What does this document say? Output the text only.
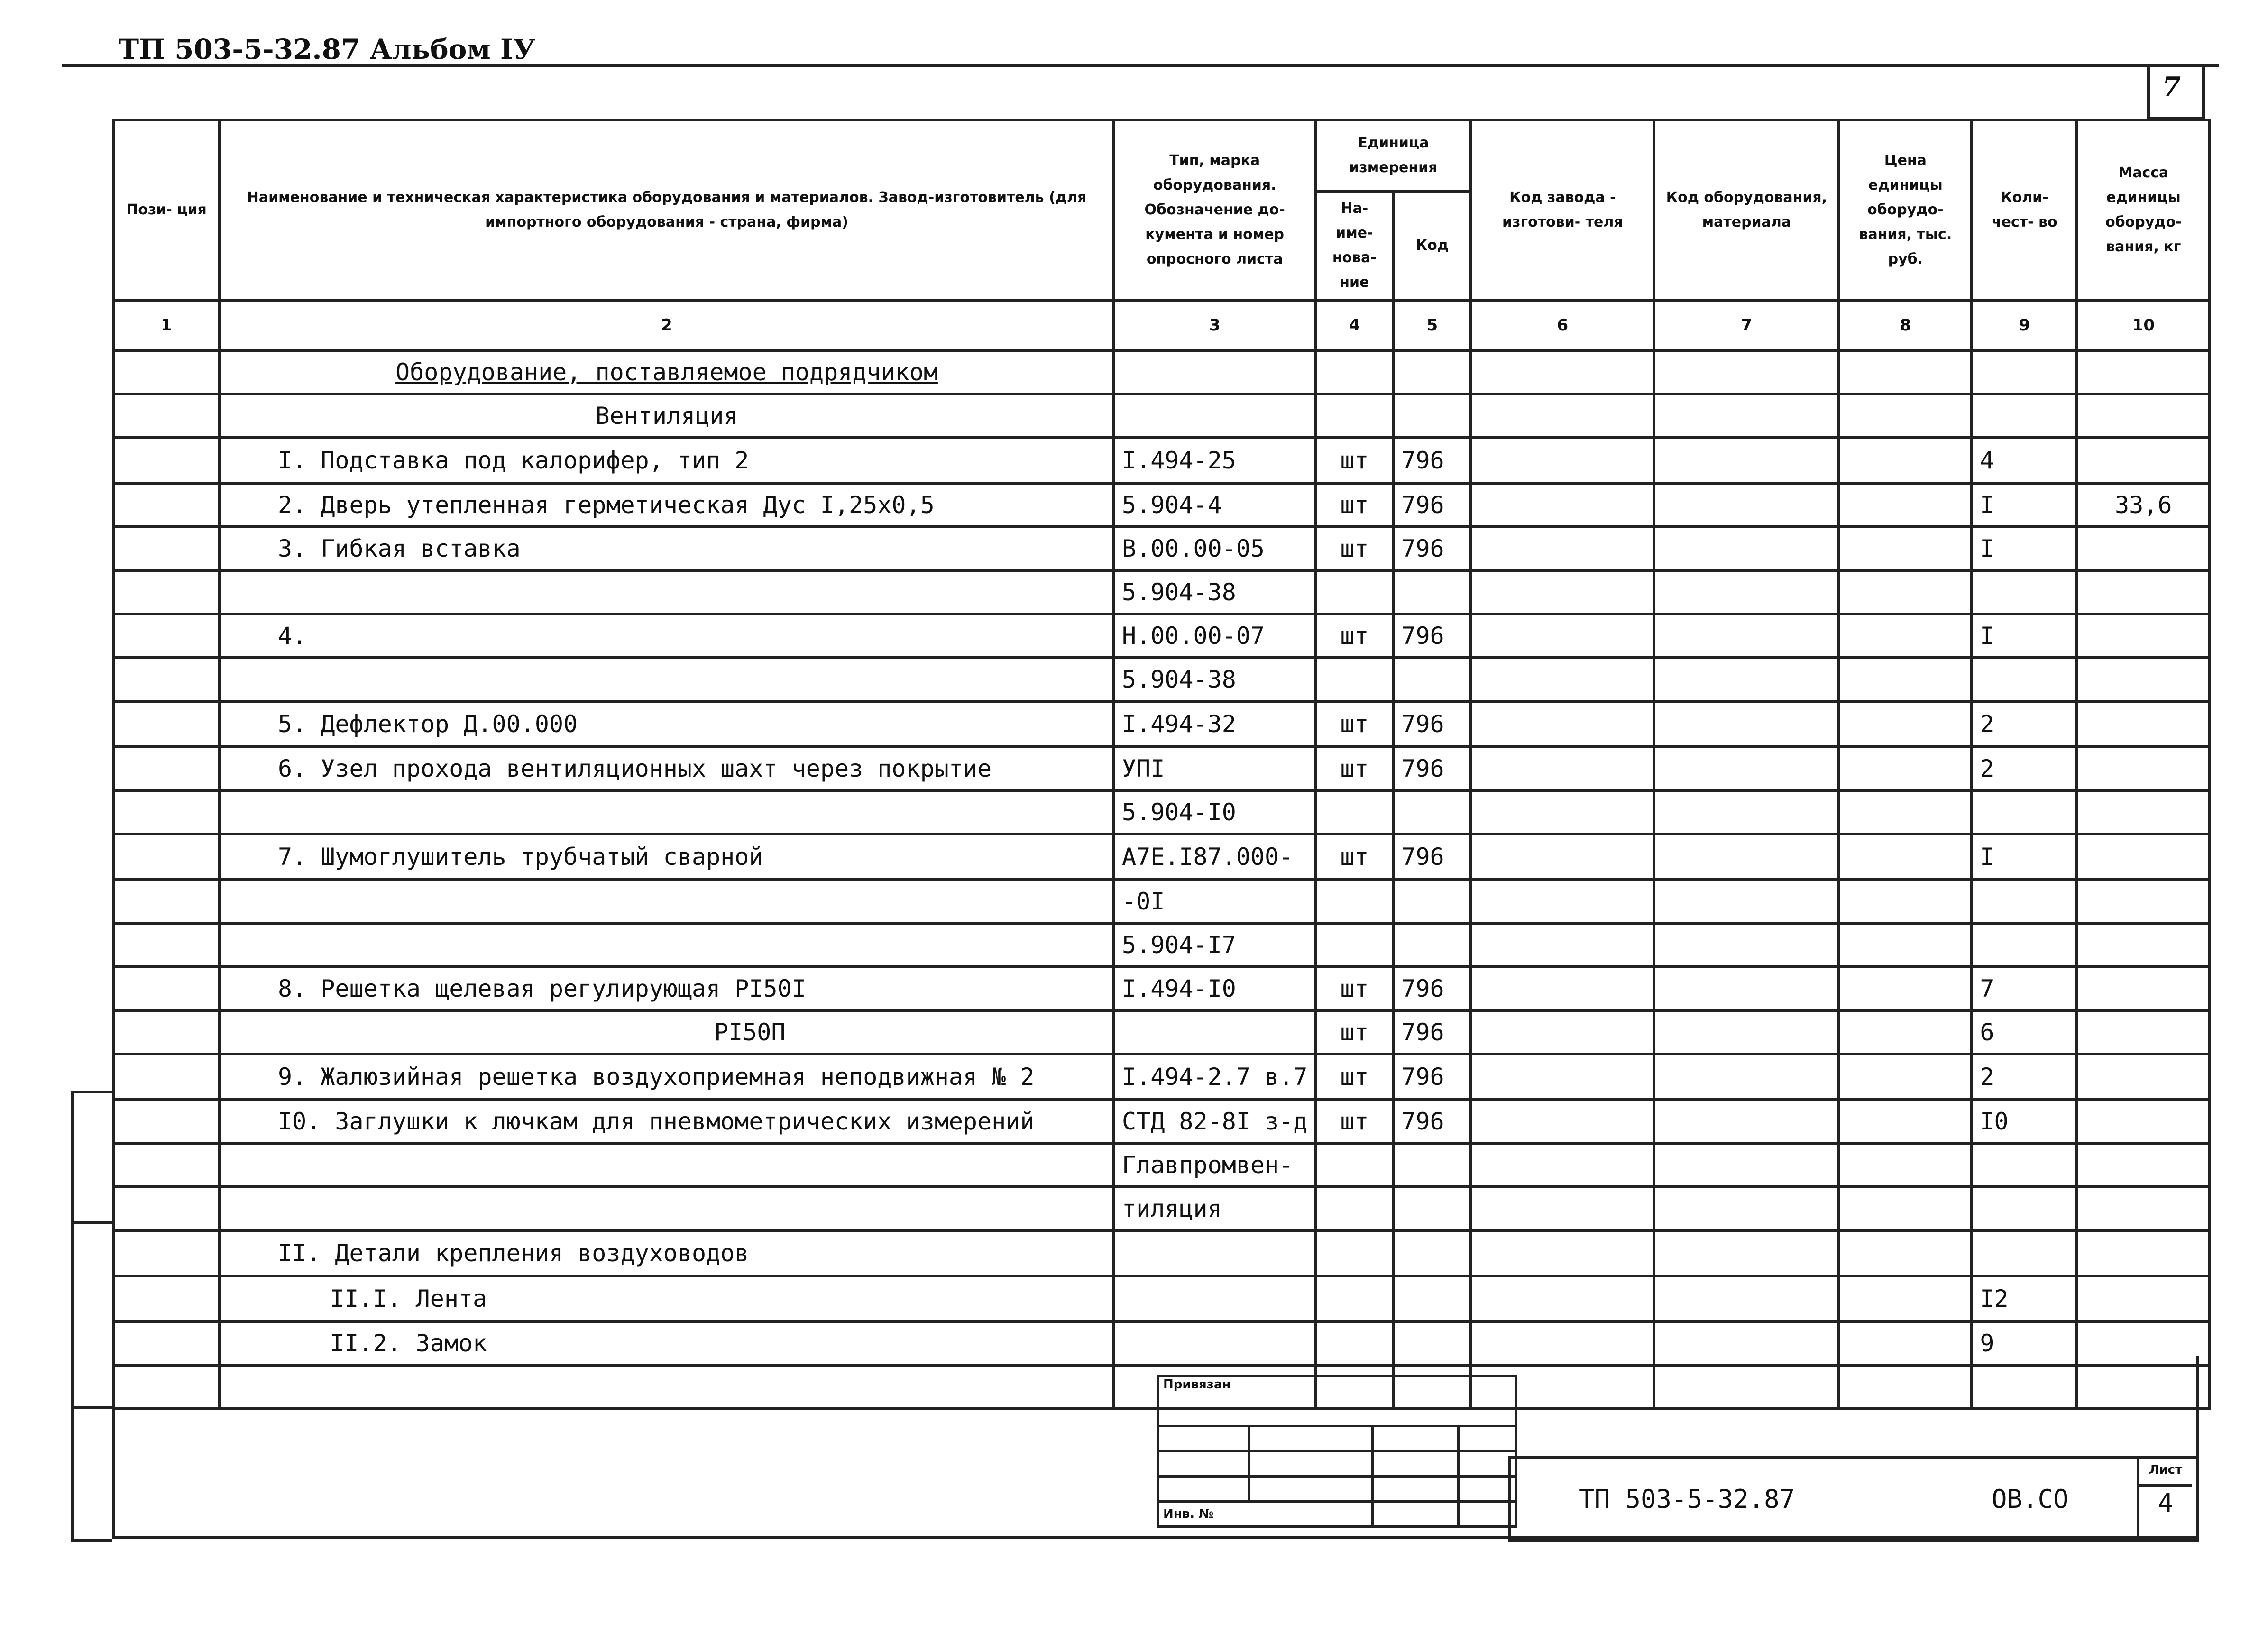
ТП 503-5-32.87 Альбом IУ
7
Пози- ция	Наименование и техническая характеристика оборудования и материалов. Завод-изготовитель (для импортного оборудования - страна, фирма)	Тип, марка оборудования. Обозначение до- кумента и номер опросного листа	Единица измерения		Код завода - изготови- теля	Код оборудования, материала	Цена единицы оборудо- вания, тыс. руб.	Коли- чест- во	Масса единицы оборудо- вания, кг
			На- име- нова- ние	Код					
1	2	3	4	5	6	7	8	9	10
	Оборудование, поставляемое подрядчиком								
	Вентиляция								
	I. Подставка под калорифер, тип 2	I.494-25	шт	796				4	
	2. Дверь утепленная герметическая Дус I,25x0,5	5.904-4	шт	796				I	33,6
	3. Гибкая вставка	В.00.00-05	шт	796				I	
		5.904-38							
	4.	Н.00.00-07	шт	796				I	
		5.904-38							
	5. Дефлектор Д.00.000	I.494-32	шт	796				2	
	6. Узел прохода вентиляционных шахт через покрытие	УПI	шт	796				2	
		5.904-I0							
	7. Шумоглушитель трубчатый сварной	А7Е.I87.000-	шт	796				I	
		-0I							
		5.904-I7							
	8. Решетка щелевая регулирующая PI50I	I.494-I0	шт	796				7	
	PI50П		шт	796				6	
	9. Жалюзийная решетка воздухоприемная неподвижная № 2	I.494-2.7 в.7	шт	796				2	
	I0. Заглушки к лючкам для пневмометрических измерений	СТД 82-8I з-д	шт	796				I0	
		Главпромвен-							
		тиляция							
	II. Детали крепления воздуховодов								
	II.I. Лента							I2	
	II.2. Замок							9	

Привязан			

Инв. №				ТП 503-5-32.87	ОВ.СО
Лист
4
